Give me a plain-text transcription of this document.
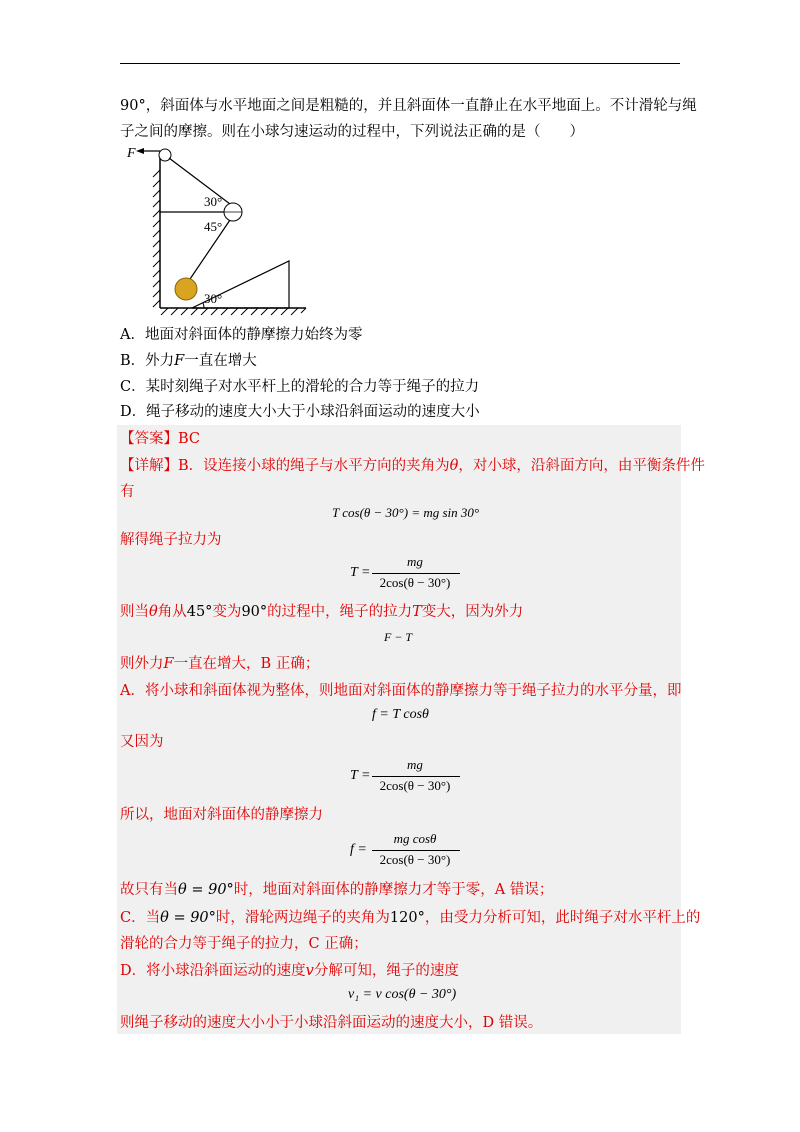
90°，斜面体与水平地面之间是粗糙的，并且斜面体一直静止在水平地面上。不计滑轮与绳
子之间的摩擦。则在小球匀速运动的过程中，下列说法正确的是（　　）
F
30°
45°
30°
A．地面对斜面体的静摩擦力始终为零
B．外力F一直在增大
C．某时刻绳子对水平杆上的滑轮的合力等于绳子的拉力
D．绳子移动的速度大小大于小球沿斜面运动的速度大小
【答案】BC
【详解】B．设连接小球的绳子与水平方向的夹角为θ，对小球，沿斜面方向，由平衡条件件
有
T cos(θ − 30°) = mg sin 30°
解得绳子拉力为
T =
mg
2cos(θ − 30°)
则当θ角从45°变为90°的过程中，绳子的拉力T变大，因为外力
F − T
则外力F一直在增大，B 正确；
A．将小球和斜面体视为整体，则地面对斜面体的静摩擦力等于绳子拉力的水平分量，即
f = T cosθ
又因为
T =
mg
2cos(θ − 30°)
所以，地面对斜面体的静摩擦力
f =
mg cosθ
2cos(θ − 30°)
故只有当θ = 90°时，地面对斜面体的静摩擦力才等于零，A 错误；
C．当θ = 90°时，滑轮两边绳子的夹角为120°，由受力分析可知，此时绳子对水平杆上的
滑轮的合力等于绳子的拉力，C 正确；
D．将小球沿斜面运动的速度v分解可知，绳子的速度
v₁ = v cos(θ − 30°)
则绳子移动的速度大小小于小球沿斜面运动的速度大小，D 错误。
